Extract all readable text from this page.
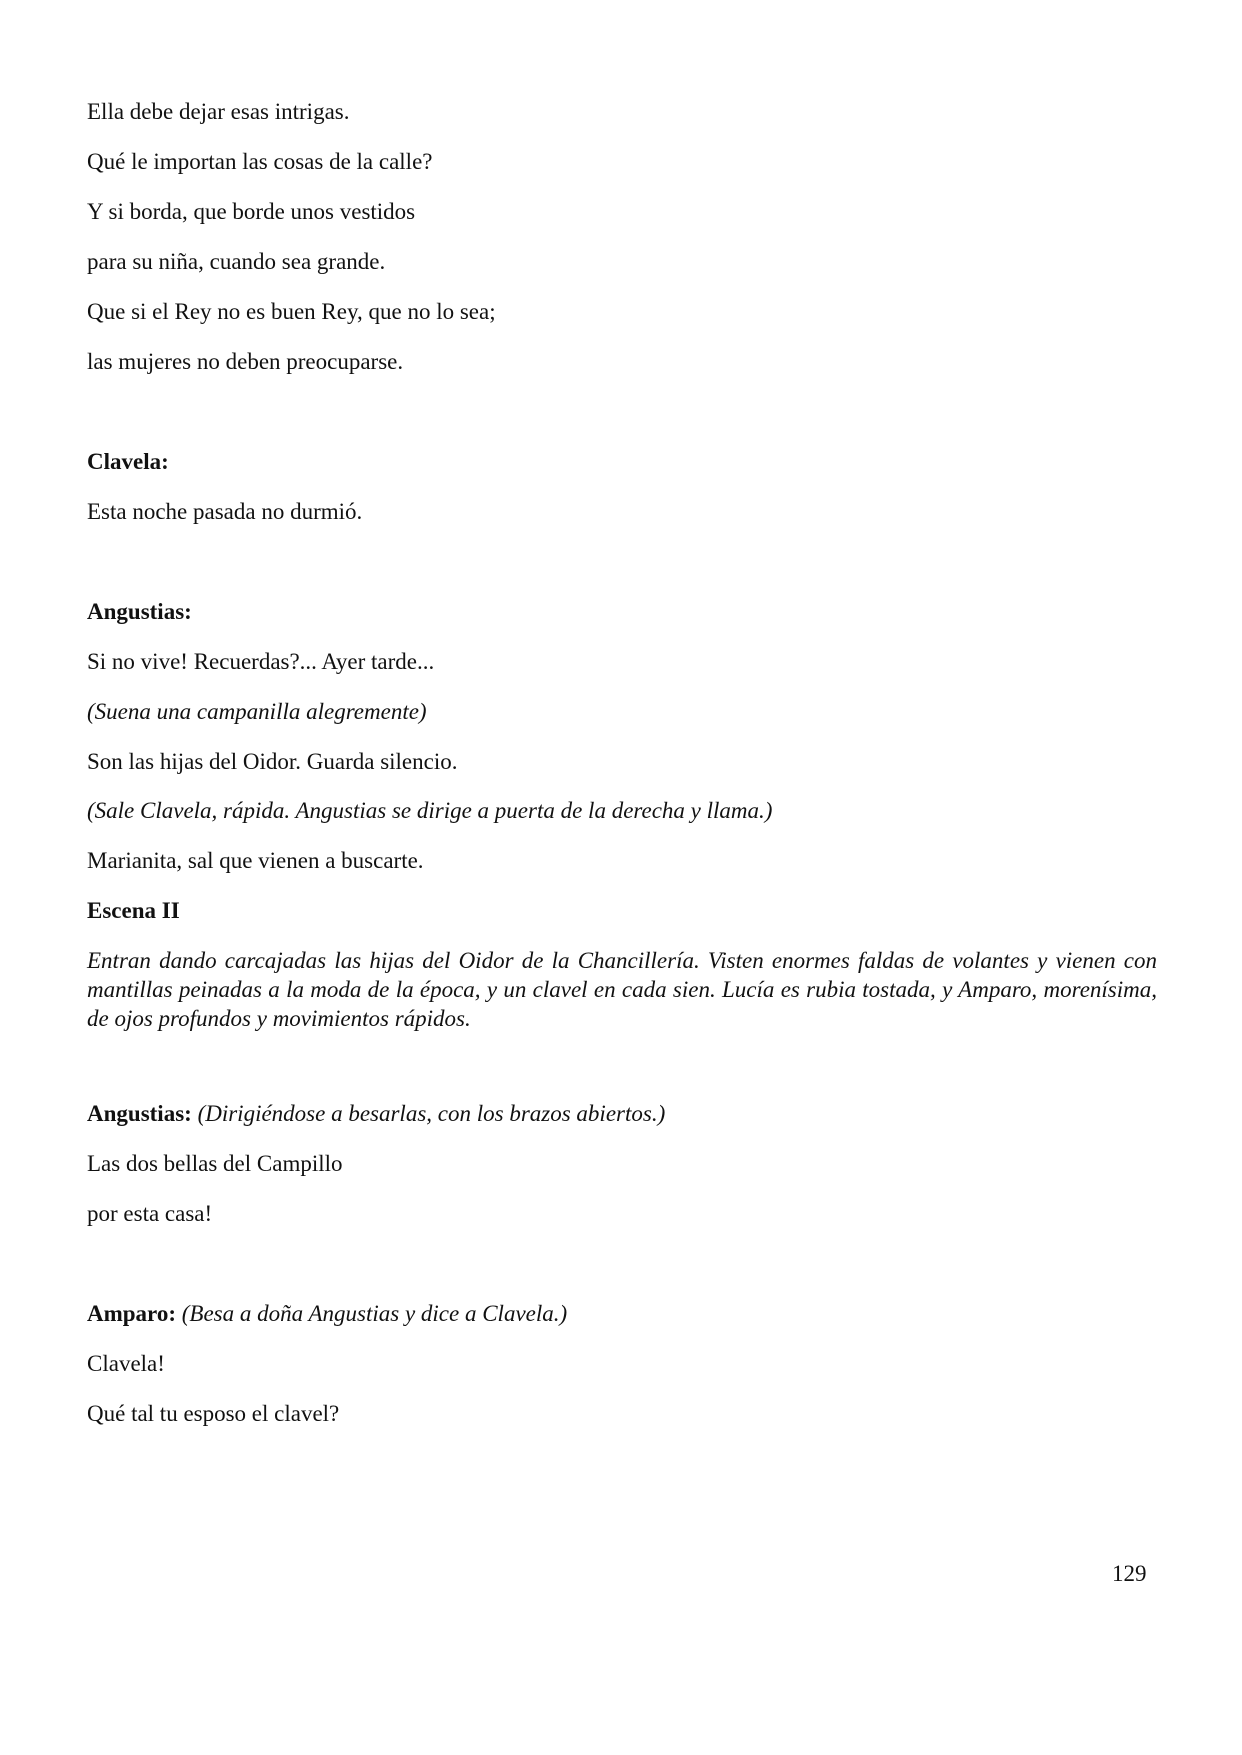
Ella debe dejar esas intrigas.
Qué le importan las cosas de la calle?
Y si borda, que borde unos vestidos
para su niña, cuando sea grande.
Que si el Rey no es buen Rey, que no lo sea;
las mujeres no deben preocuparse.
Clavela:
Esta noche pasada no durmió.
Angustias:
Si no vive! Recuerdas?... Ayer tarde...
(Suena una campanilla alegremente)
Son las hijas del Oidor. Guarda silencio.
(Sale Clavela, rápida. Angustias se dirige a puerta de la derecha y llama.)
Marianita, sal que vienen a buscarte.
Escena II
Entran dando carcajadas las hijas del Oidor de la Chancillería. Visten enormes faldas de volantes y vienen con mantillas peinadas a la moda de la época, y un clavel en cada sien. Lucía es rubia tostada, y Amparo, morenísima, de ojos profundos y movimientos rápidos.
Angustias: (Dirigiéndose a besarlas, con los brazos abiertos.)
Las dos bellas del Campillo
por esta casa!
Amparo: (Besa a doña Angustias y dice a Clavela.)
Clavela!
Qué tal tu esposo el clavel?
129
